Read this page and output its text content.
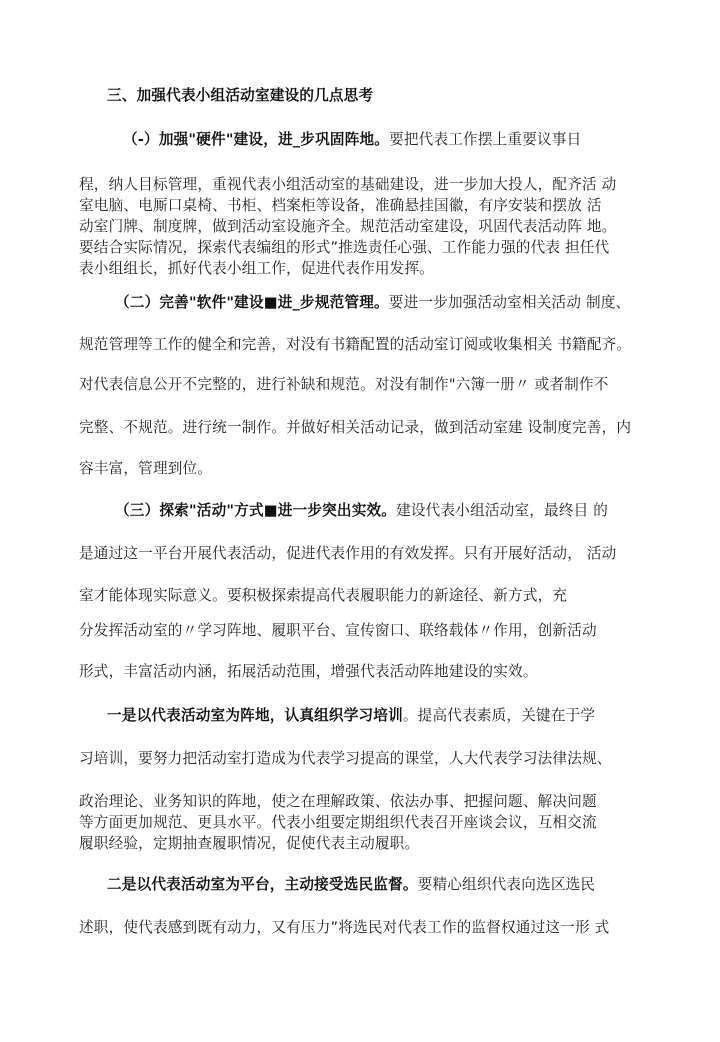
三、加强代表小组活动室建设的几点思考
（-）加强"硬件"建设，进_步巩固阵地。要把代表工作摆上重要议事日
程，纳人目标管理，重视代表小组活动室的基础建设，进一步加大投人，配齐活 动
室电脑、电厮口桌椅、书柜、档案柜等设备，准确悬挂国徽，有序安装和摆放 活
动室门牌、制度牌，做到活动室设施齐全。规范活动室建设，巩固代表活动阵 地。
要结合实际情况，探索代表编组的形式”推选责任心强、工作能力强的代表 担任代
表小组组长，抓好代表小组工作，促进代表作用发挥。
（二）完善"软件"建设■进_步规范管理。要进一步加强活动室相关活动 制度、
规范管理等工作的健全和完善，对没有书籍配置的活动室订阅或收集相关 书籍配齐。
对代表信息公开不完整的，进行补缺和规范。对没有制作"六簿一册〃 或者制作不
完整、不规范。进行统一制作。并做好相关活动记录，做到活动室建 设制度完善，内
容丰富，管理到位。
（三）探索"活动"方式■进一步突出实效。建设代表小组活动室，最终目 的
是通过这一平台开展代表活动，促进代表作用的有效发挥。只有开展好活动， 活动
室才能体现实际意义。要积极探索提高代表履职能力的新途径、新方式，充
分发挥活动室的〃学习阵地、履职平台、宣传窗口、联络载体〃作用，创新活动
形式，丰富活动内涵，拓展活动范围，增强代表活动阵地建设的实效。
一是以代表活动室为阵地，认真组织学习培训。提高代表素质，关键在于学
习培训，要努力把活动室打造成为代表学习提高的课堂，人大代表学习法律法规、
政治理论、业务知识的阵地，使之在理解政策、依法办事、把握问题、解决问题
等方面更加规范、更具水平。代表小组要定期组织代表召开座谈会议，互相交流
履职经验，定期抽查履职情况，促使代表主动履职。
二是以代表活动室为平台，主动接受选民监督。要精心组织代表向选区选民
述职，使代表感到既有动力，又有压力”将选民对代表工作的监督权通过这一形 式
